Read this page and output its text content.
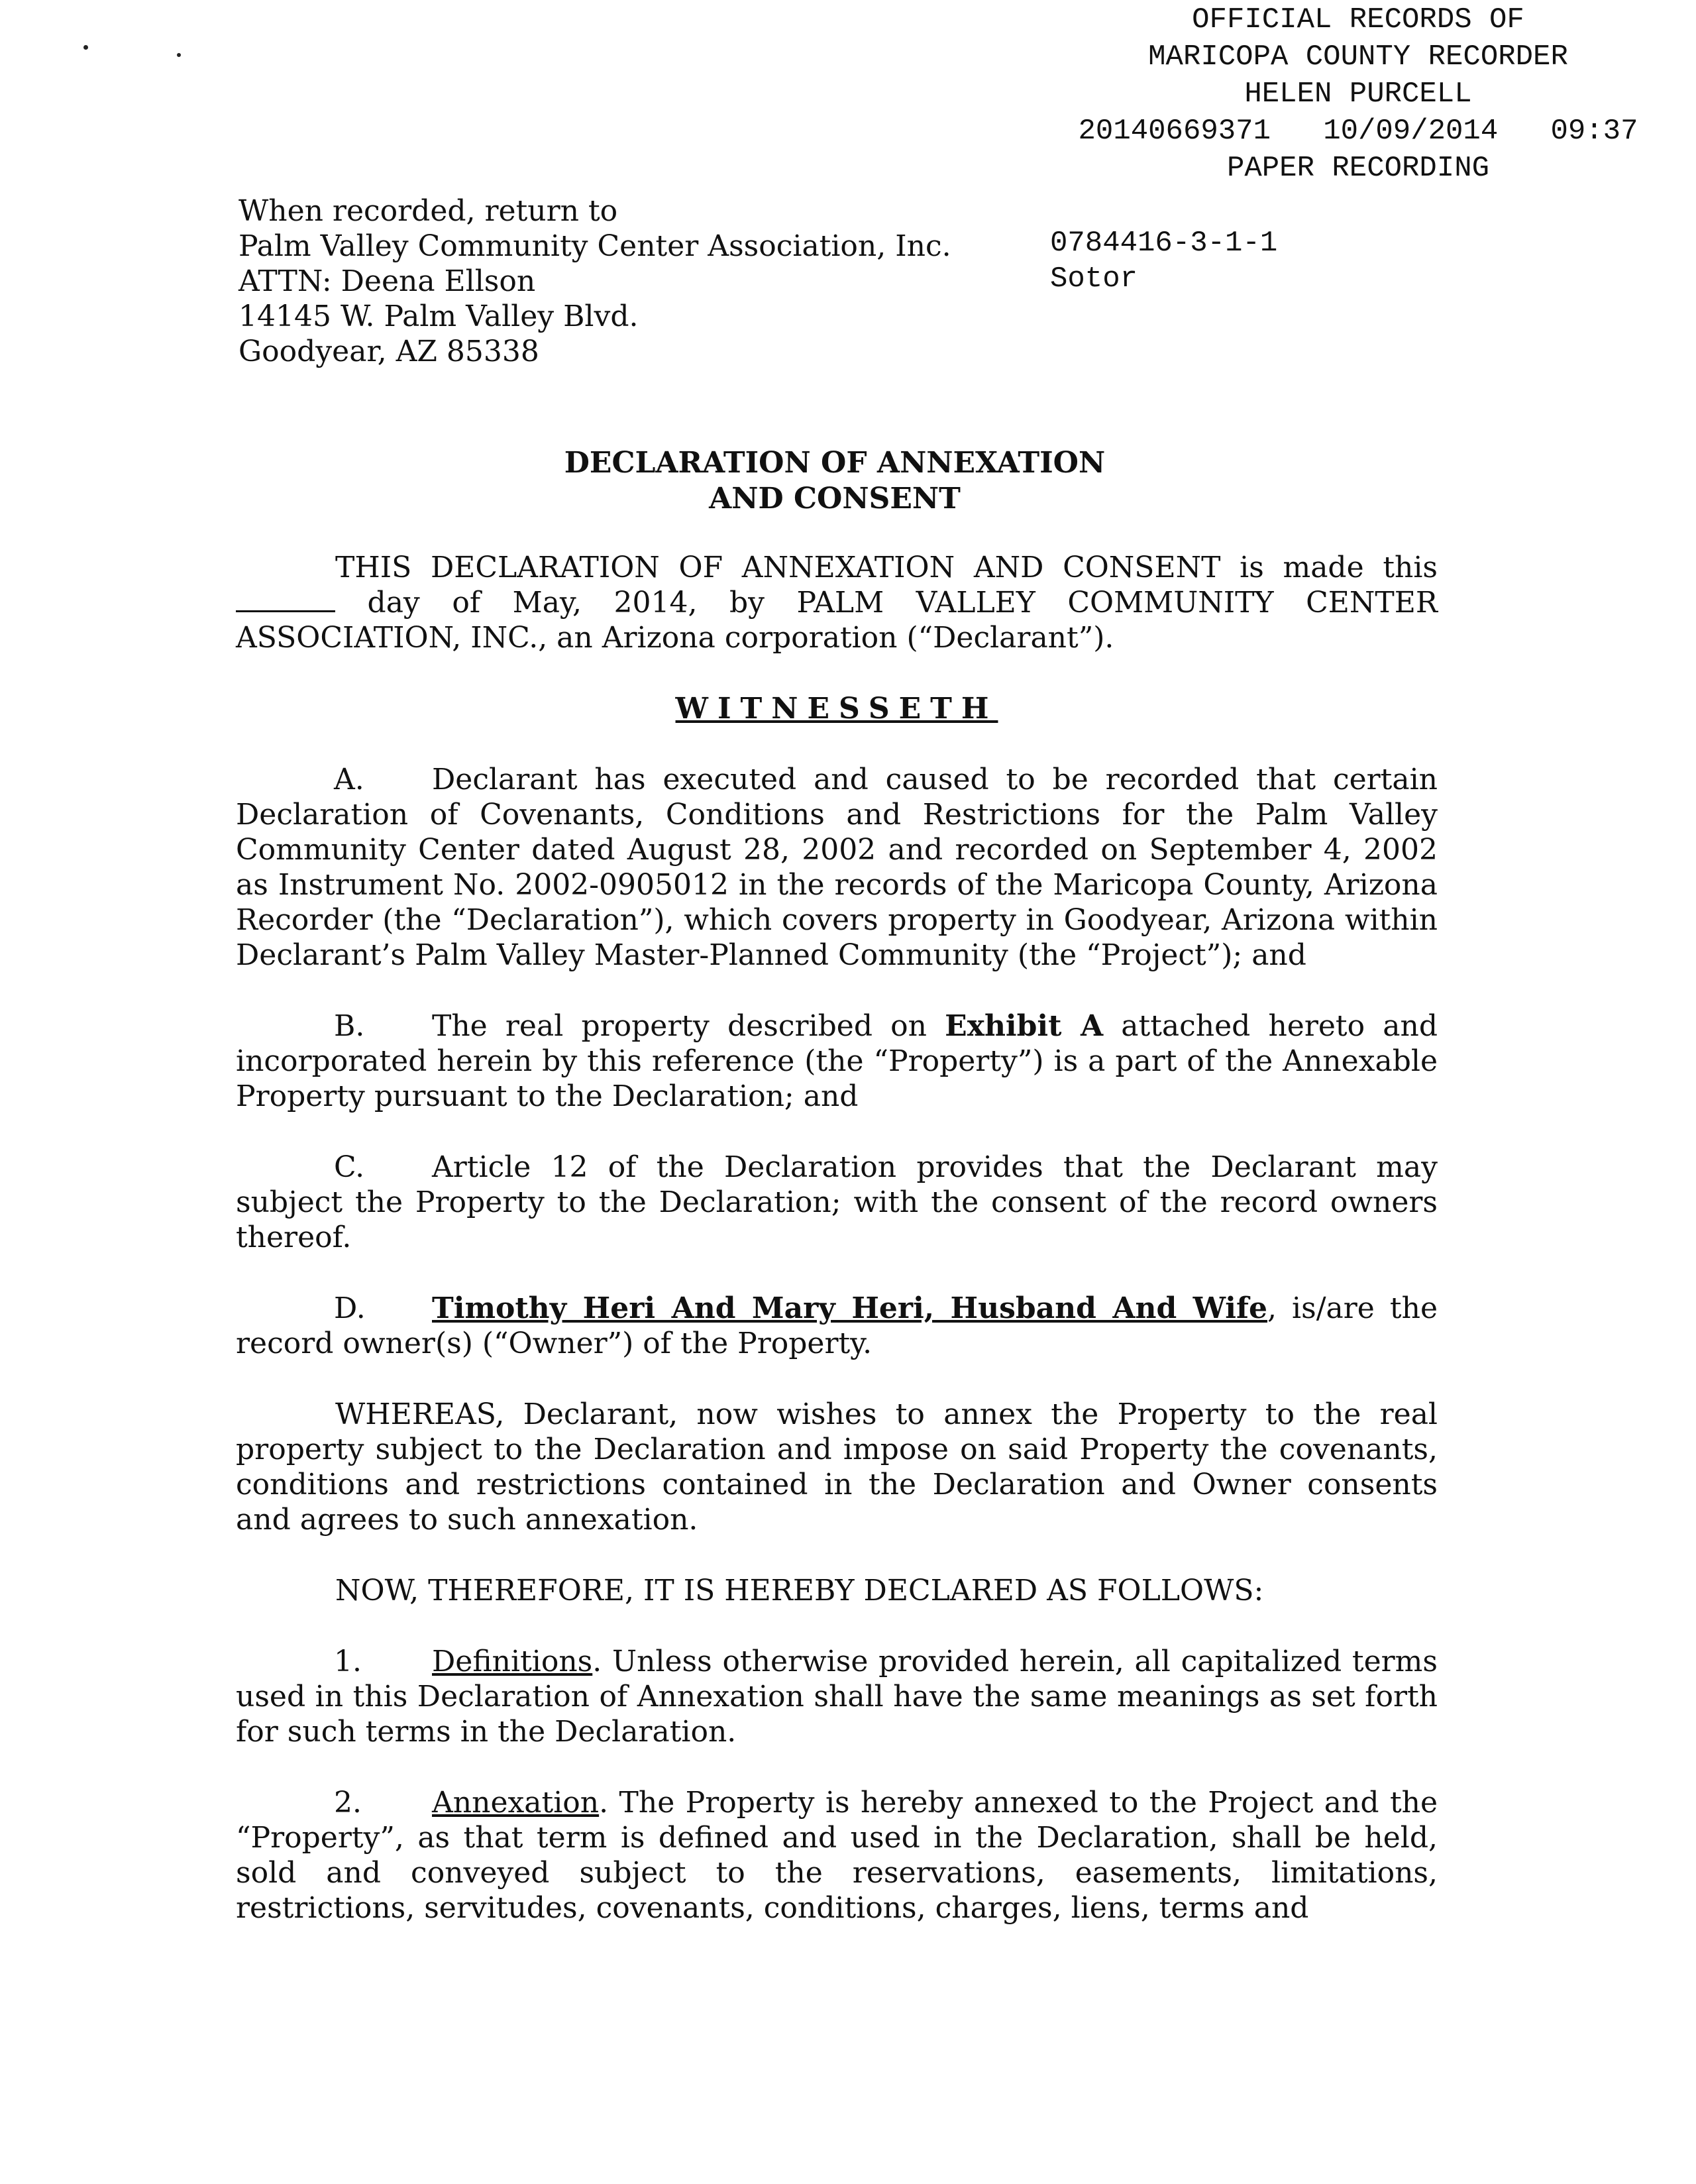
OFFICIAL RECORDS OF
MARICOPA COUNTY RECORDER
HELEN PURCELL
20140669371   10/09/2014   09:37
PAPER RECORDING
When recorded, return to
Palm Valley Community Center Association, Inc.
ATTN: Deena Ellson
14145 W. Palm Valley Blvd.
Goodyear, AZ 85338
0784416-3-1-1
Sotor
DECLARATION OF ANNEXATION
AND CONSENT

THIS DECLARATION OF ANNEXATION AND CONSENT is made this  day of May, 2014, by PALM VALLEY COMMUNITY CENTER ASSOCIATION, INC., an Arizona corporation (“Declarant”).

WITNESSETH

A. Declarant has executed and caused to be recorded that certain Declaration of Covenants, Conditions and Restrictions for the Palm Valley Community Center dated August 28, 2002 and recorded on September 4, 2002 as Instrument No. 2002-0905012 in the records of the Maricopa County, Arizona Recorder (the “Declaration”), which covers property in Goodyear, Arizona within Declarant’s Palm Valley Master-Planned Community (the “Project”); and

B. The real property described on Exhibit A attached hereto and incorporated herein by this reference (the “Property”) is a part of the Annexable Property pursuant to the Declaration; and

C. Article 12 of the Declaration provides that the Declarant may subject the Property to the Declaration; with the consent of the record owners thereof.

D. Timothy Heri And Mary Heri, Husband And Wife, is/are the record owner(s) (“Owner”) of the Property.

WHEREAS, Declarant, now wishes to annex the Property to the real property subject to the Declaration and impose on said Property the covenants, conditions and restrictions contained in the Declaration and Owner consents and agrees to such annexation.

NOW, THEREFORE, IT IS HEREBY DECLARED AS FOLLOWS:

1. Definitions. Unless otherwise provided herein, all capitalized terms used in this Declaration of Annexation shall have the same meanings as set forth for such terms in the Declaration.

2. Annexation. The Property is hereby annexed to the Project and the “Property”, as that term is defined and used in the Declaration, shall be held, sold and conveyed subject to the reservations, easements, limitations, restrictions, servitudes, covenants, conditions, charges, liens, terms and
